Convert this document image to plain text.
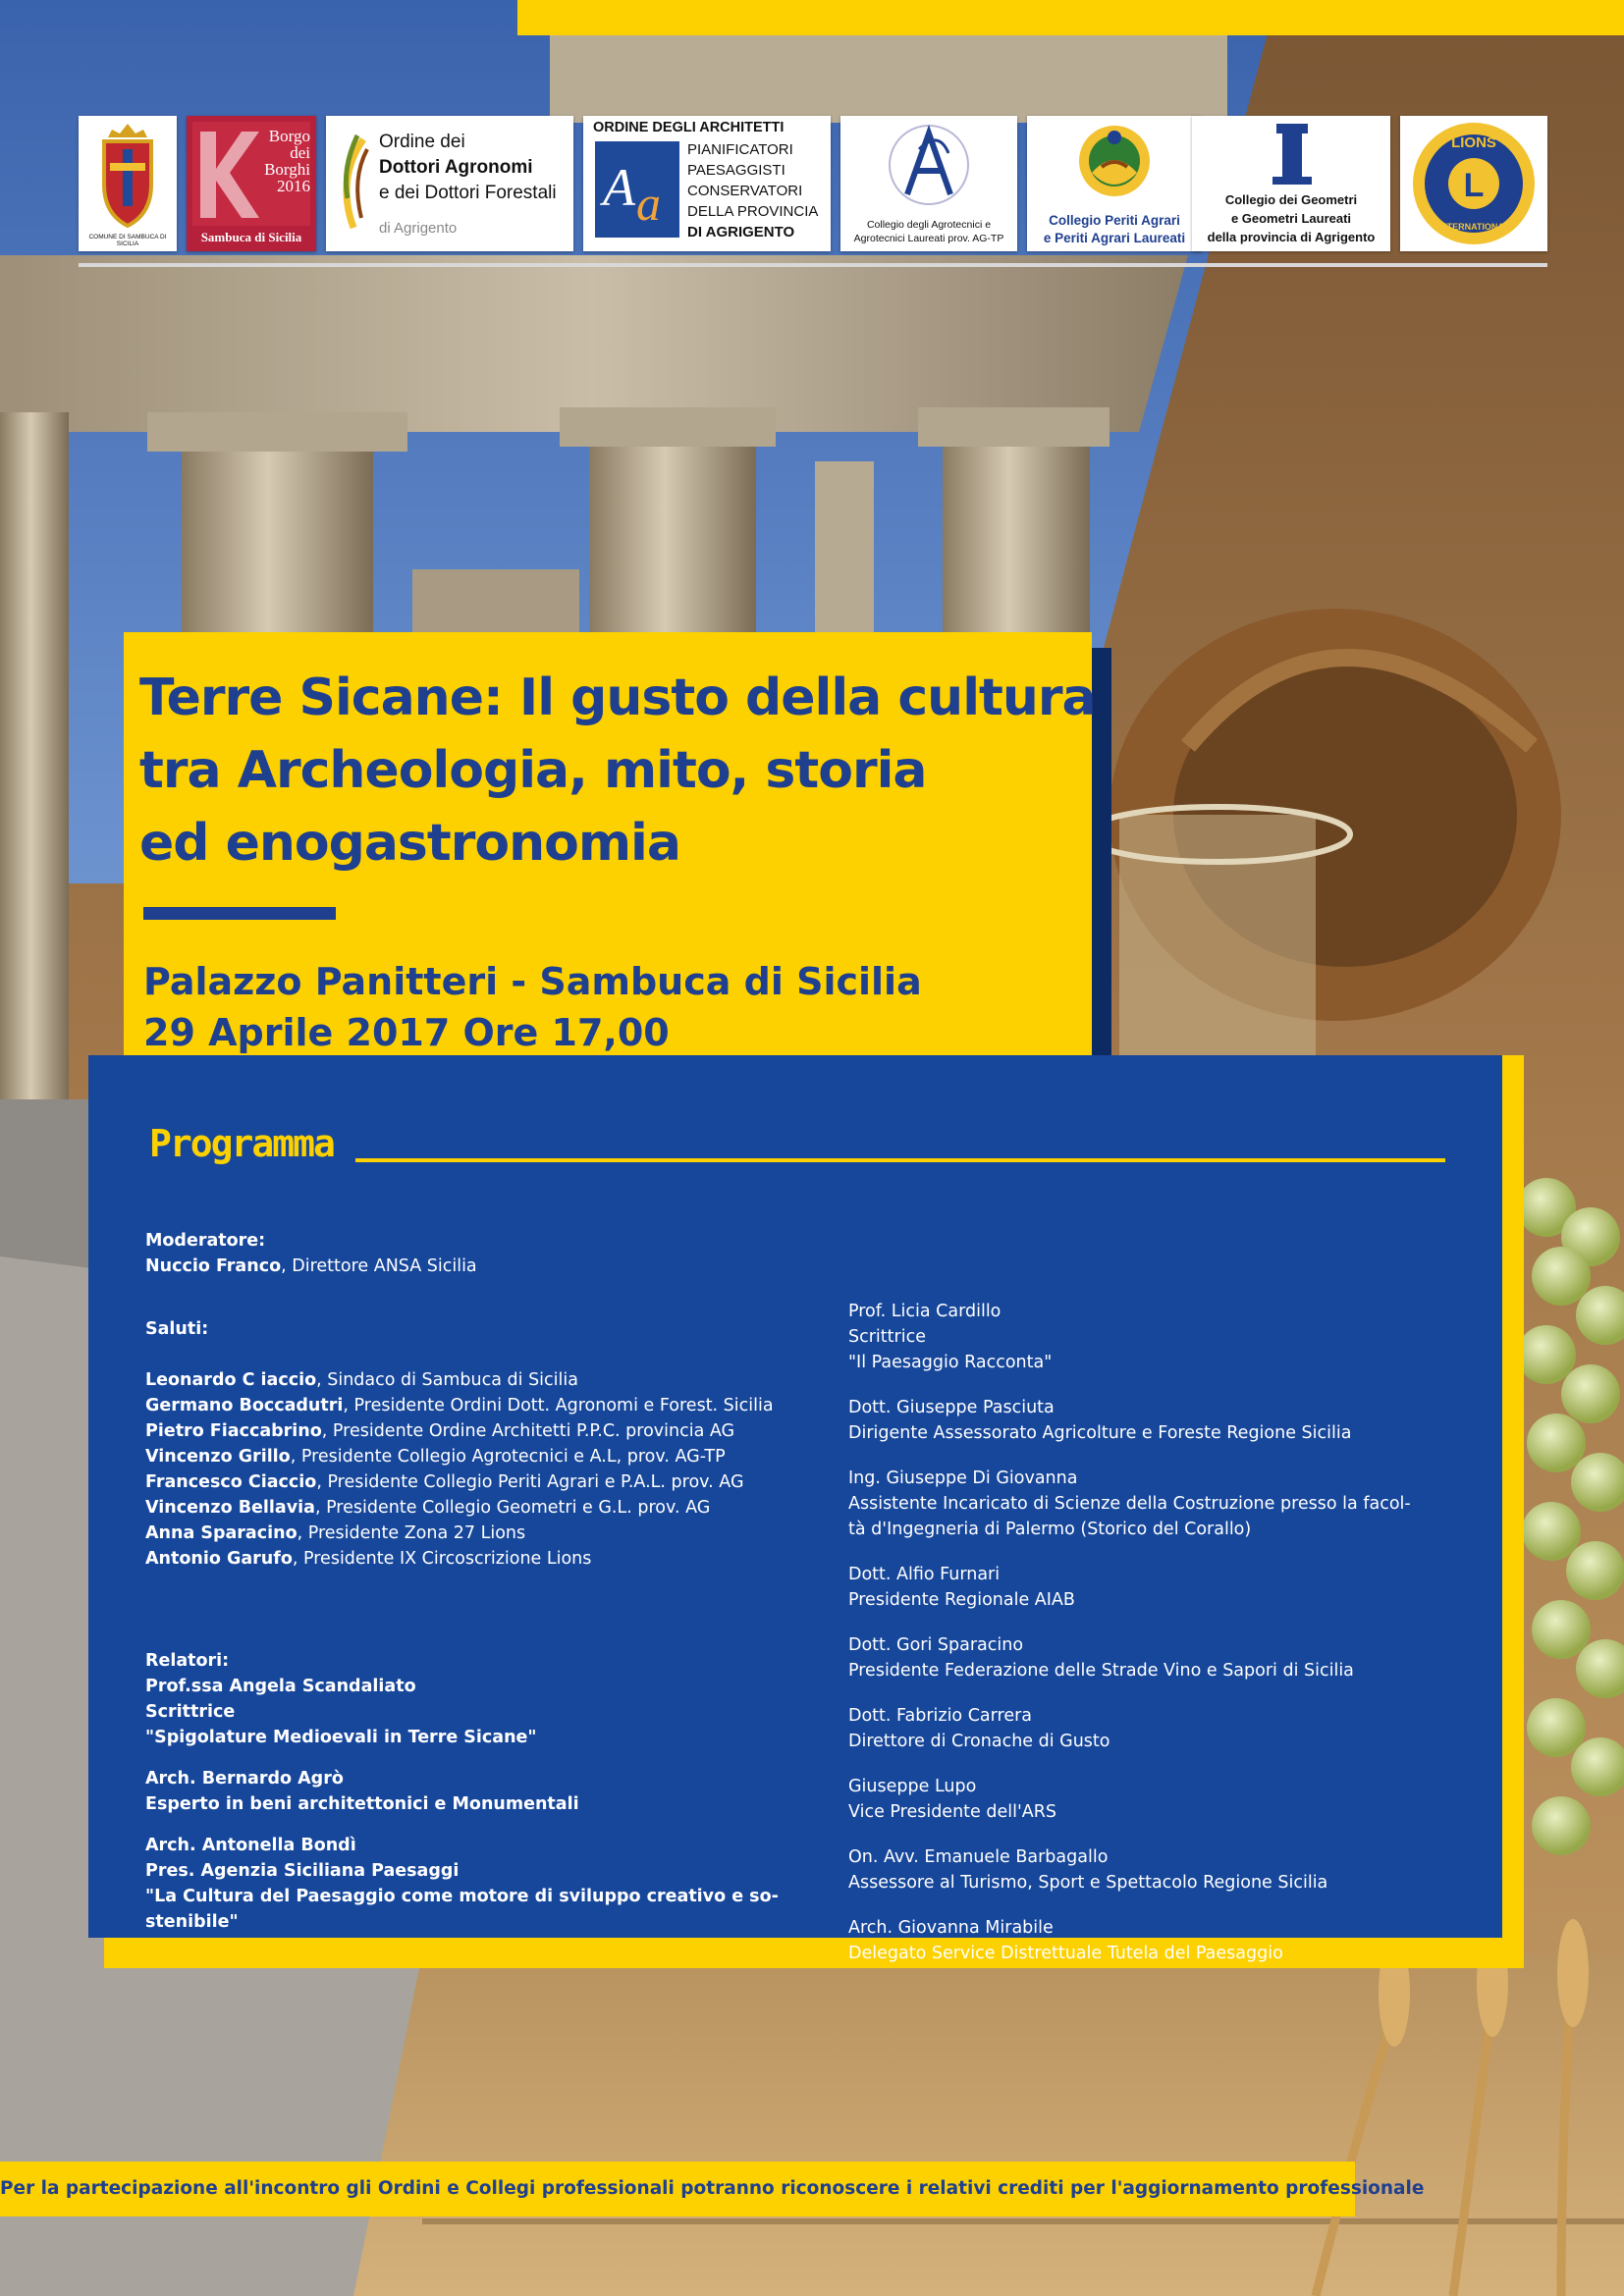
COMUNE DI SAMBUCA DI SICILIA
Borgo
dei
Borghi
2016
Sambuca di Sicilia
Ordine dei
Dottori Agronomi
e dei Dottori Forestali
di Agrigento
ORDINE DEGLI ARCHITETTI
A a
PIANIFICATORI
PAESAGGISTI
CONSERVATORI
DELLA PROVINCIA
DI AGRIGENTO	Collegio degli Agrotecnici e
Agrotecnici Laureati prov. AG-TP
Collegio Periti Agrari
e Periti Agrari Laureati
Collegio dei Geometri
e Geometri Laureati
della provincia di Agrigento
L
LIONS
INTERNATIONAL
Terre Sicane: Il gusto della cultura
tra Archeologia, mito, storia
ed enogastronomia
Palazzo Panitteri - Sambuca di Sicilia
29 Aprile 2017 Ore 17,00
Programma

Moderatore:

Nuccio Franco, Direttore ANSA Sicilia

Saluti:

Leonardo C iaccio, Sindaco di Sambuca di Sicilia

Germano Boccadutri, Presidente Ordini Dott. Agronomi e Forest. Sicilia

Pietro Fiaccabrino, Presidente Ordine Architetti P.P.C. provincia AG

Vincenzo Grillo, Presidente Collegio Agrotecnici e A.L, prov. AG-TP

Francesco Ciaccio, Presidente Collegio Periti Agrari e P.A.L. prov. AG

Vincenzo Bellavia, Presidente Collegio Geometri e G.L. prov. AG

Anna Sparacino, Presidente Zona 27 Lions

Antonio Garufo, Presidente IX Circoscrizione Lions

Relatori:

Prof.ssa Angela Scandaliato

Scrittrice

"Spigolature Medioevali in Terre Sicane"

Arch. Bernardo Agrò

Esperto in beni architettonici e Monumentali

Arch. Antonella Bondì

Pres. Agenzia Siciliana Paesaggi

"La Cultura del Paesaggio come motore di sviluppo creativo e so-

stenibile"

Prof. Licia Cardillo

Scrittrice

"Il Paesaggio Racconta"

Dott. Giuseppe Pasciuta

Dirigente Assessorato Agricolture e Foreste Regione Sicilia

Ing. Giuseppe Di Giovanna

Assistente Incaricato di Scienze della Costruzione presso la facol-

tà d'Ingegneria di Palermo (Storico del Corallo)

Dott. Alfio Furnari

Presidente Regionale AIAB

Dott. Gori Sparacino

Presidente Federazione delle Strade Vino e Sapori di Sicilia

Dott. Fabrizio Carrera

Direttore di Cronache di Gusto

Giuseppe Lupo

Vice Presidente dell'ARS

On. Avv. Emanuele Barbagallo

Assessore al Turismo, Sport e Spettacolo Regione Sicilia

Arch. Giovanna Mirabile

Delegato Service Distrettuale Tutela del Paesaggio

Per la partecipazione all'incontro gli Ordini e Collegi professionali potranno riconoscere i relativi crediti per l'aggiornamento professionale
